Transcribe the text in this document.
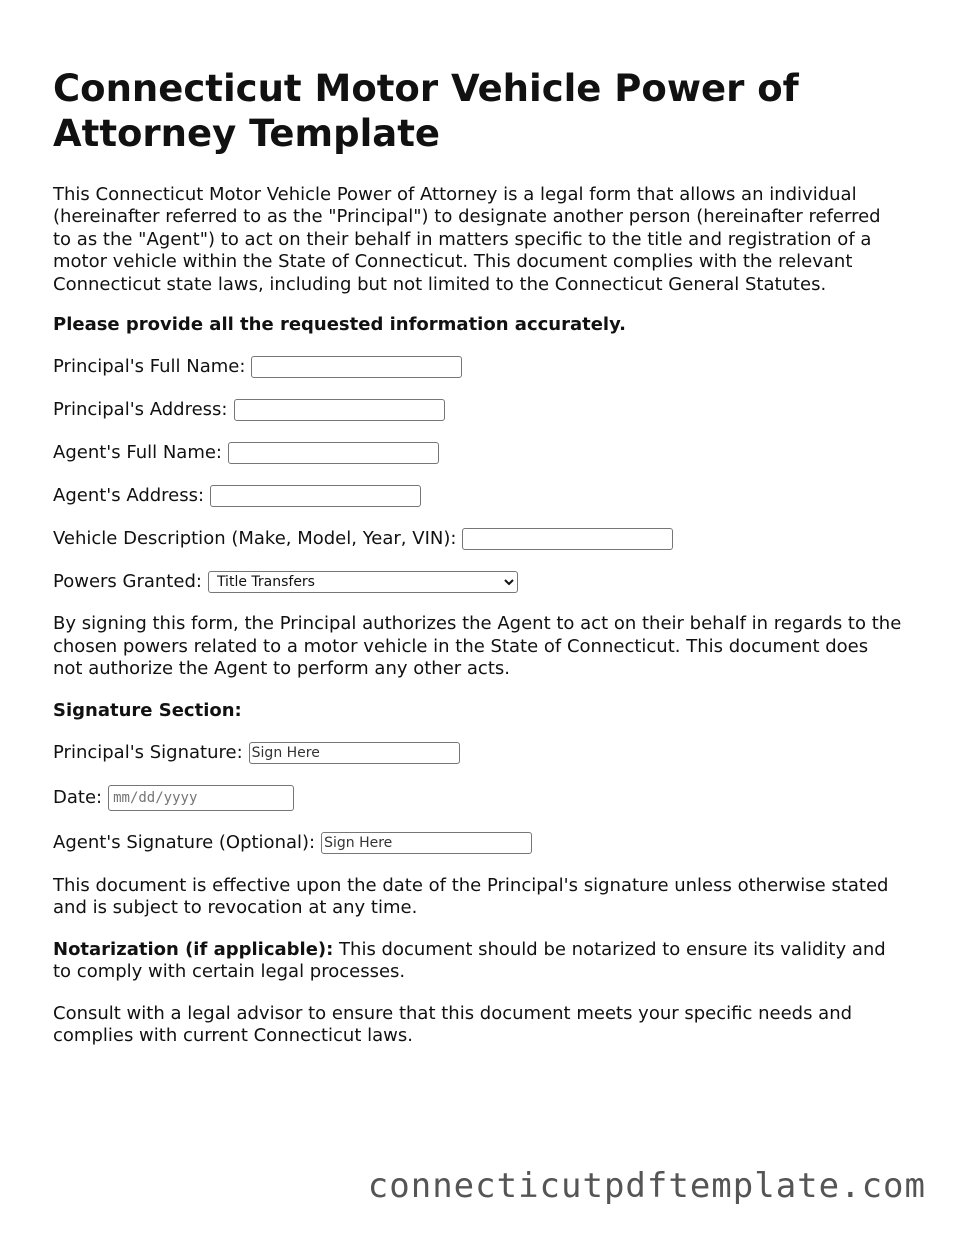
Connecticut Motor Vehicle Power of Attorney Template

This Connecticut Motor Vehicle Power of Attorney is a legal form that allows an individual (hereinafter referred to as the "Principal") to designate another person (hereinafter referred to as the "Agent") to act on their behalf in matters specific to the title and registration of a motor vehicle within the State of Connecticut. This document complies with the relevant Connecticut state laws, including but not limited to the Connecticut General Statutes.

Please provide all the requested information accurately.

Principal's Full Name:
Principal's Address:
Agent's Full Name:
Agent's Address:
Vehicle Description (Make, Model, Year, VIN):
Powers Granted:
Title Transfers

By signing this form, the Principal authorizes the Agent to act on their behalf in regards to the chosen powers related to a motor vehicle in the State of Connecticut. This document does not authorize the Agent to perform any other acts.

Signature Section:

Principal's Signature:
Sign Here
Date:
mm/dd/yyyy
Agent's Signature (Optional):
Sign Here

This document is effective upon the date of the Principal's signature unless otherwise stated and is subject to revocation at any time.

Notarization (if applicable): This document should be notarized to ensure its validity and to comply with certain legal processes.

Consult with a legal advisor to ensure that this document meets your specific needs and complies with current Connecticut laws.

connecticutpdftemplate.com
